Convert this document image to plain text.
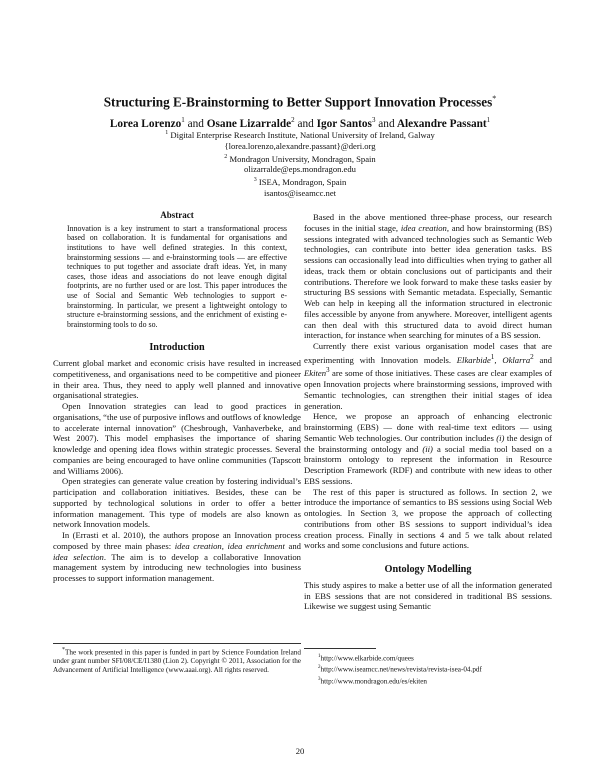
Structuring E-Brainstorming to Better Support Innovation Processes*
Lorea Lorenzo$^1$ and Osane Lizarralde$^2$ and Igor Santos$^3$ and Alexandre Passant$^1$
$^1$ Digital Enterprise Research Institute, National University of Ireland, Galway
{lorea.lorenzo,alexandre.passant}@deri.org
$^2$ Mondragon University, Mondragon, Spain
olizarralde@eps.mondragon.edu
$^3$ ISEA, Mondragon, Spain
isantos@iseamcc.net
Abstract
Innovation is a key instrument to start a transformational process based on collaboration. It is fundamental for organisations and institutions to have well defined strategies. In this context, brainstorming sessions — and e-brainstorming tools — are effective techniques to put together and associate draft ideas. Yet, in many cases, those ideas and associations do not leave enough digital footprints, are no further used or are lost. This paper introduces the use of Social and Semantic Web technologies to support e-brainstorming. In particular, we present a lightweight ontology to structure e-brainstorming sessions, and the enrichment of existing e-brainstorming tools to do so.
Introduction

Current global market and economic crisis have resulted in increased competitiveness, and organisations need to be competitive and pioneer in their area. Thus, they need to apply well planned and innovative organisational strategies.

Open Innovation strategies can lead to good practices in organisations, “the use of purposive inflows and outflows of knowledge to accelerate internal innovation” (Chesbrough, Vanhaverbeke, and West 2007). This model emphasises the importance of sharing knowledge and opening idea flows within strategic processes. Several companies are being encouraged to have online communities (Tapscott and Williams 2006).

Open strategies can generate value creation by fostering individual’s participation and collaboration initiatives. Besides, these can be supported by technological solutions in order to offer a better information management. This type of models are also known as network Innovation models.

In (Errasti et al. 2010), the authors propose an Innovation process composed by three main phases: idea creation, idea enrichment and idea selection. The aim is to develop a collaborative Innovation management system by introducing new technologies into business processes to support information management.

*The work presented in this paper is funded in part by Science Foundation Ireland under grant number SFI/08/CE/I1380 (Lion 2). Copyright © 2011, Association for the Advancement of Artificial Intelligence (www.aaai.org). All rights reserved.

Based in the above mentioned three-phase process, our research focuses in the initial stage, idea creation, and how brainstorming (BS) sessions integrated with advanced technologies such as Semantic Web technologies, can contribute into better idea generation tasks. BS sessions can occasionally lead into difficulties when trying to gather all ideas, track them or obtain conclusions out of participants and their contributions. Therefore we look forward to make these tasks easier by structuring BS sessions with Semantic metadata. Especially, Semantic Web can help in keeping all the information structured in electronic files accessible by anyone from anywhere. Moreover, intelligent agents can then deal with this structured data to avoid direct human interaction, for instance when searching for minutes of a BS session.

Currently there exist various organisation model cases that are experimenting with Innovation models. Elkarbide$^1$, Oklarra$^2$ and Ekiten$^3$ are some of those initiatives. These cases are clear examples of open Innovation projects where brainstorming sessions, improved with Semantic technologies, can strengthen their initial stages of idea generation.

Hence, we propose an approach of enhancing electronic brainstorming (EBS) — done with real-time text editors — using Semantic Web technologies. Our contribution includes (i) the design of the brainstorming ontology and (ii) a social media tool based on a brainstorm ontology to represent the information in Resource Description Framework (RDF) and contribute with new ideas to other EBS sessions.

The rest of this paper is structured as follows. In section 2, we introduce the importance of semantics to BS sessions using Social Web ontologies. In Section 3, we propose the approach of collecting contributions from other BS sessions to support individual’s idea creation process. Finally in sections 4 and 5 we talk about related works and some conclusions and future actions.

Ontology Modelling

This study aspires to make a better use of all the information generated in EBS sessions that are not considered in traditional BS sessions. Likewise we suggest using Semantic

$^1$http://www.elkarbide.com/quees
$^2$http://www.iseamcc.net/news/revista/revista-isea-04.pdf
$^3$http://www.mondragon.edu/es/ekiten
20
